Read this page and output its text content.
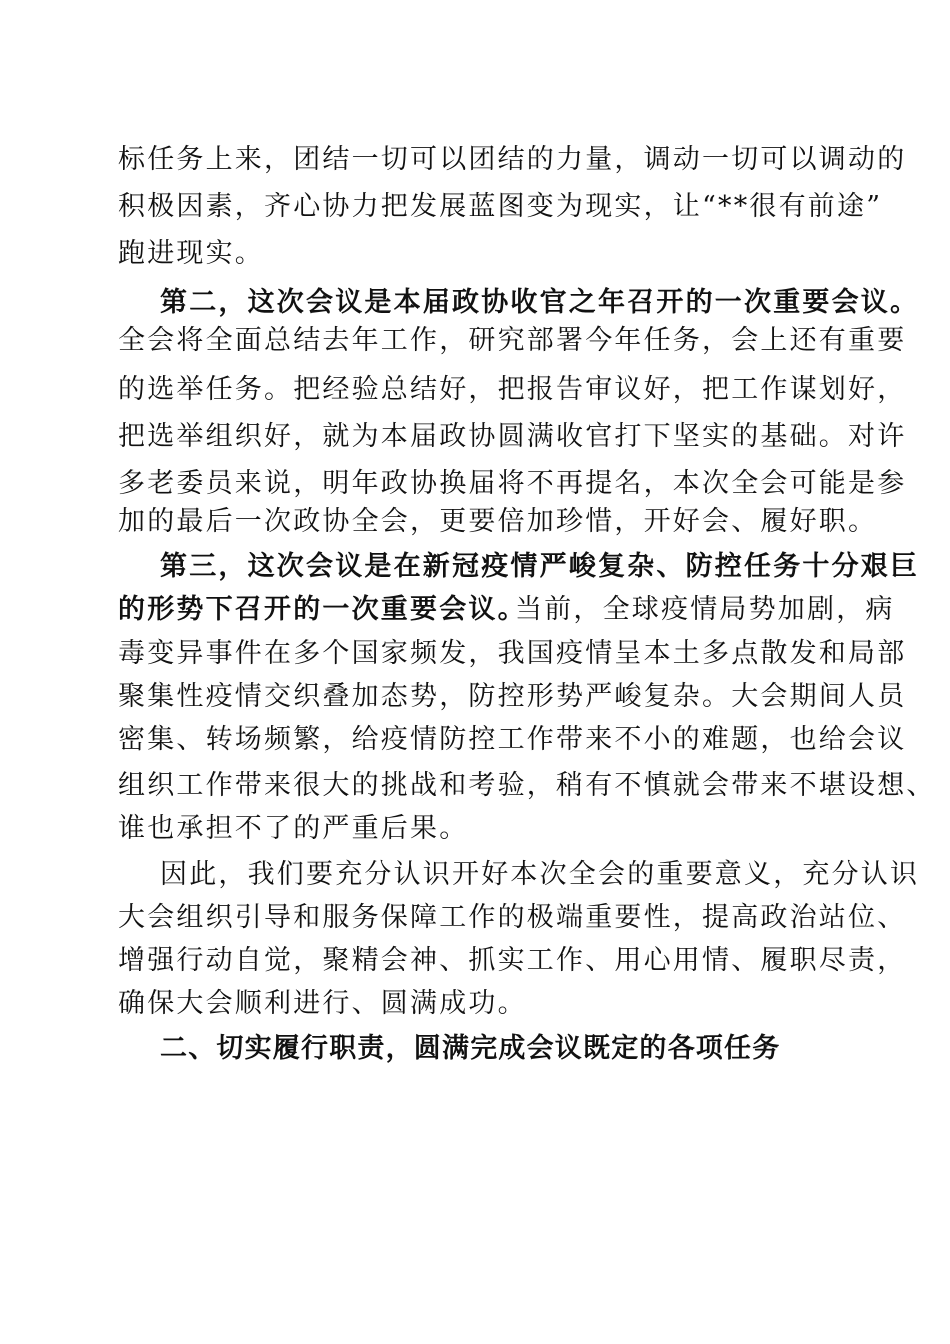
标任务上来，团结一切可以团结的力量，调动一切可以调动的
积极因素，齐心协力把发展蓝图变为现实，让“**很有前途”
跑进现实。
第二，这次会议是本届政协收官之年召开的一次重要会议。
全会将全面总结去年工作，研究部署今年任务，会上还有重要
的选举任务。把经验总结好，把报告审议好，把工作谋划好，
把选举组织好，就为本届政协圆满收官打下坚实的基础。对许
多老委员来说，明年政协换届将不再提名，本次全会可能是参
加的最后一次政协全会，更要倍加珍惜，开好会、履好职。
第三，这次会议是在新冠疫情严峻复杂、防控任务十分艰巨
的形势下召开的一次重要会议。
当前，全球疫情局势加剧，病
毒变异事件在多个国家频发，我国疫情呈本土多点散发和局部
聚集性疫情交织叠加态势，防控形势严峻复杂。大会期间人员
密集、转场频繁，给疫情防控工作带来不小的难题，也给会议
组织工作带来很大的挑战和考验，稍有不慎就会带来不堪设想、
谁也承担不了的严重后果。
因此，我们要充分认识开好本次全会的重要意义，充分认识
大会组织引导和服务保障工作的极端重要性，提高政治站位、
增强行动自觉，聚精会神、抓实工作、用心用情、履职尽责，
确保大会顺利进行、圆满成功。
二、切实履行职责，圆满完成会议既定的各项任务
